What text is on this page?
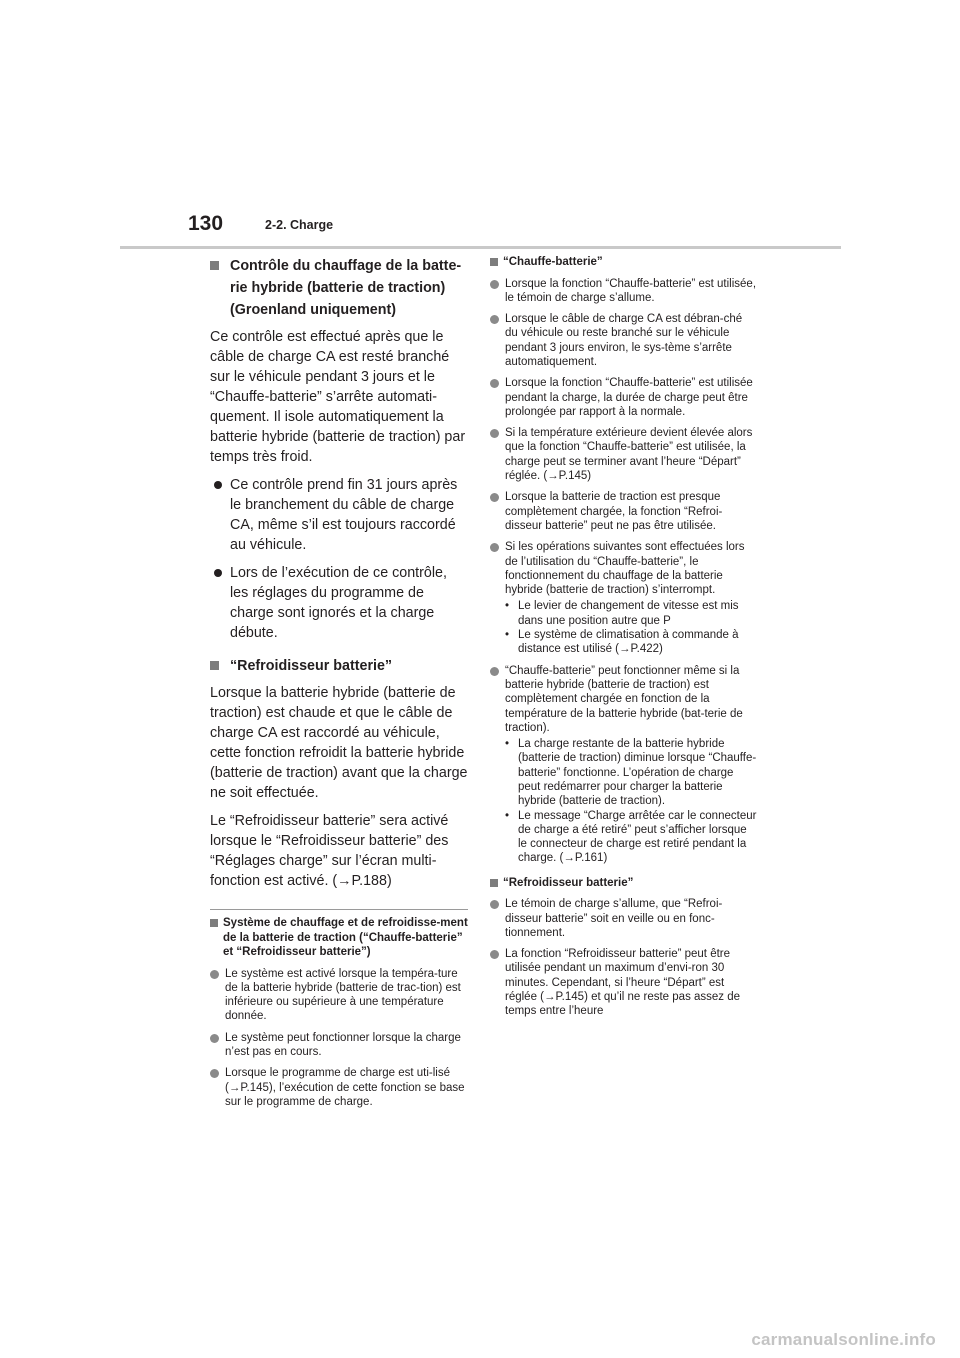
130	2-2. Charge
Contrôle du chauffage de la batte-rie hybride (batterie de traction) (Groenland uniquement)

Ce contrôle est effectué après que le câble de charge CA est resté branché sur le véhicule pendant 3 jours et le “Chauffe-batterie” s’arrête automati-quement. Il isole automatiquement la batterie hybride (batterie de traction) par temps très froid.

Ce contrôle prend fin 31 jours après le branchement du câble de charge CA, même s’il est toujours raccordé au véhicule.
Lors de l’exécution de ce contrôle, les réglages du programme de charge sont ignorés et la charge débute.
“Refroidisseur batterie”

Lorsque la batterie hybride (batterie de traction) est chaude et que le câble de charge CA est raccordé au véhicule, cette fonction refroidit la batterie hybride (batterie de traction) avant que la charge ne soit effectuée.

Le “Refroidisseur batterie” sera activé lorsque le “Refroidisseur batterie” des “Réglages charge” sur l’écran multi-fonction est activé. (→P.188)

Système de chauffage et de refroidisse-ment de la batterie de traction (“Chauffe-batterie” et “Refroidisseur batterie”)
Le système est activé lorsque la tempéra-ture de la batterie hybride (batterie de trac-tion) est inférieure ou supérieure à une température donnée.
Le système peut fonctionner lorsque la charge n’est pas en cours.
Lorsque le programme de charge est uti-lisé (→P.145), l’exécution de cette fonction se base sur le programme de charge.
“Chauffe-batterie”
Lorsque la fonction “Chauffe-batterie” est utilisée, le témoin de charge s’allume.
Lorsque le câble de charge CA est débran-ché du véhicule ou reste branché sur le véhicule pendant 3 jours environ, le sys-tème s’arrête automatiquement.
Lorsque la fonction “Chauffe-batterie” est utilisée pendant la charge, la durée de charge peut être prolongée par rapport à la normale.
Si la température extérieure devient élevée alors que la fonction “Chauffe-batterie” est utilisée, la charge peut se terminer avant l’heure “Départ” réglée. (→P.145)
Lorsque la batterie de traction est presque complètement chargée, la fonction “Refroi-disseur batterie” peut ne pas être utilisée.
Si les opérations suivantes sont effectuées lors de l’utilisation du “Chauffe-batterie”, le fonctionnement du chauffage de la batterie hybride (batterie de traction) s’interrompt.
• Le levier de changement de vitesse est mis dans une position autre que P
• Le système de climatisation à commande à distance est utilisé (→P.422)
“Chauffe-batterie” peut fonctionner même si la batterie hybride (batterie de traction) est complètement chargée en fonction de la température de la batterie hybride (bat-terie de traction).
• La charge restante de la batterie hybride (batterie de traction) diminue lorsque “Chauffe-batterie” fonctionne. L’opération de charge peut redémarrer pour charger la batterie hybride (batterie de traction).
• Le message “Charge arrêtée car le connecteur de charge a été retiré” peut s’afficher lorsque le connecteur de charge est retiré pendant la charge. (→P.161)
“Refroidisseur batterie”
Le témoin de charge s’allume, que “Refroi-disseur batterie” soit en veille ou en fonc-tionnement.
La fonction “Refroidisseur batterie” peut être utilisée pendant un maximum d’envi-ron 30 minutes. Cependant, si l’heure “Départ” est réglée (→P.145) et qu’il ne reste pas assez de temps entre l’heure
carmanualsonline.info
